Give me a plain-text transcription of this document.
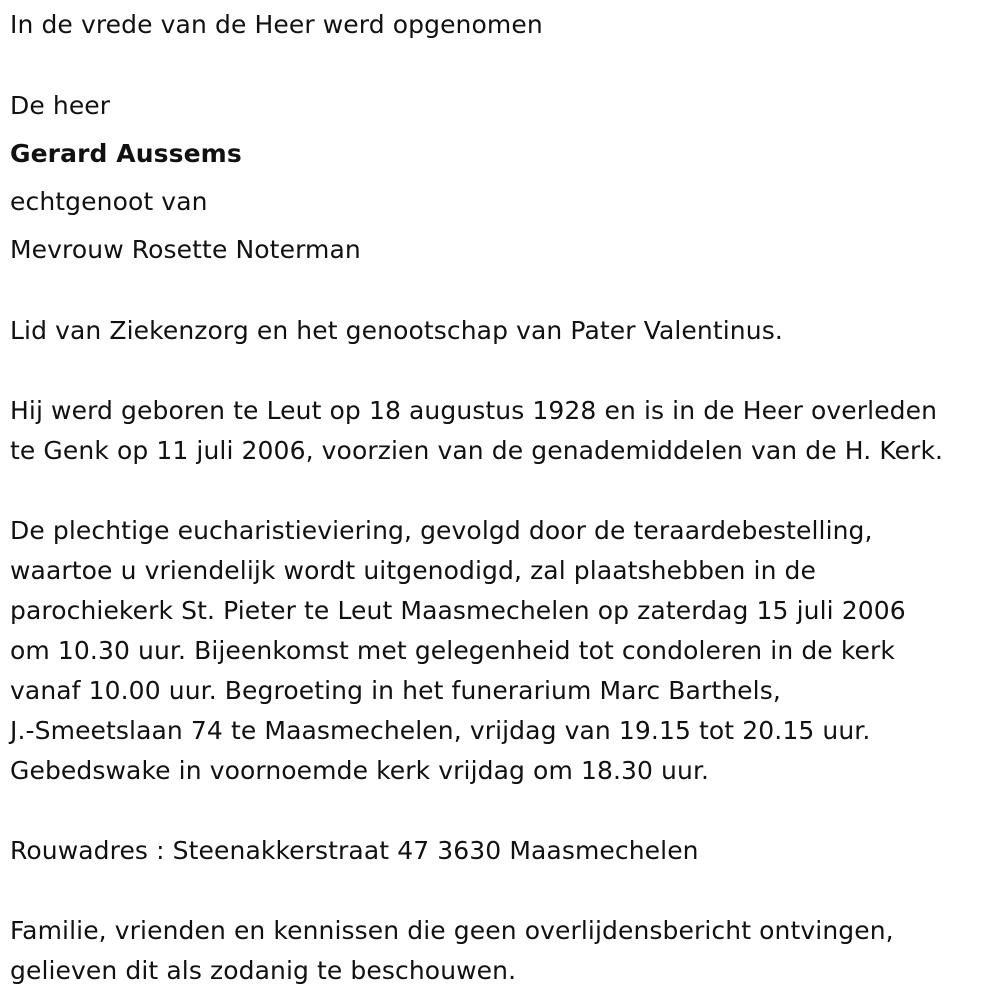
In de vrede van de Heer werd opgenomen

De heer

Gerard Aussems

echtgenoot van

Mevrouw Rosette Noterman

Lid van Ziekenzorg en het genootschap van Pater Valentinus.

Hij werd geboren te Leut op 18 augustus 1928 en is in de Heer overleden

te Genk op 11 juli 2006, voorzien van de genademiddelen van de H. Kerk.

De plechtige eucharistieviering, gevolgd door de teraardebestelling,

waartoe u vriendelijk wordt uitgenodigd, zal plaatshebben in de

parochiekerk St. Pieter te Leut Maasmechelen op zaterdag 15 juli 2006

om 10.30 uur. Bijeenkomst met gelegenheid tot condoleren in de kerk

vanaf 10.00 uur. Begroeting in het funerarium Marc Barthels,

J.-Smeetslaan 74 te Maasmechelen, vrijdag van 19.15 tot 20.15 uur.

Gebedswake in voornoemde kerk vrijdag om 18.30 uur.

Rouwadres : Steenakkerstraat 47 3630 Maasmechelen

Familie, vrienden en kennissen die geen overlijdensbericht ontvingen,

gelieven dit als zodanig te beschouwen.
